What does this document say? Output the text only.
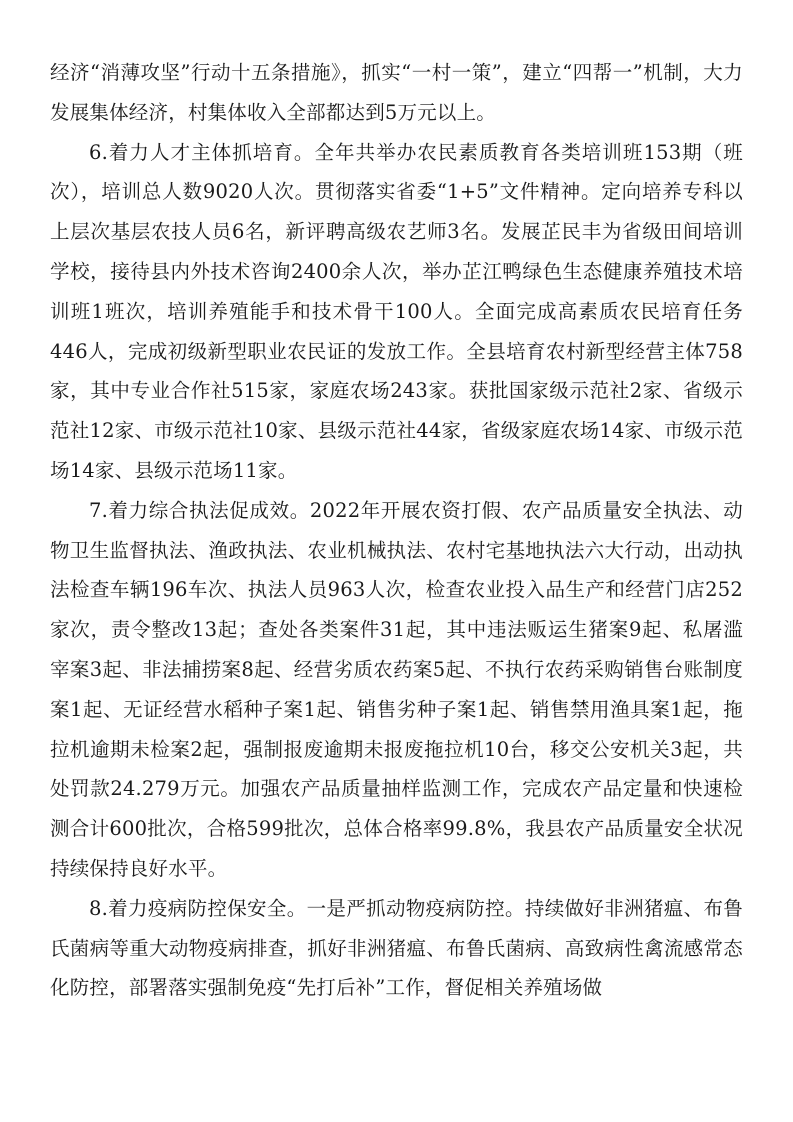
经济“消薄攻坚”行动十五条措施》，抓实“一村一策”，建立“四帮一”机制，大力发展集体经济，村集体收入全部都达到5万元以上。

6.着力人才主体抓培育。全年共举办农民素质教育各类培训班153期（班次），培训总人数9020人次。贯彻落实省委“1+5”文件精神。定向培养专科以上层次基层农技人员6名，新评聘高级农艺师3名。发展芷民丰为省级田间培训学校，接待县内外技术咨询2400余人次，举办芷江鸭绿色生态健康养殖技术培训班1班次，培训养殖能手和技术骨干100人。全面完成高素质农民培育任务446人，完成初级新型职业农民证的发放工作。全县培育农村新型经营主体758家，其中专业合作社515家，家庭农场243家。获批国家级示范社2家、省级示范社12家、市级示范社10家、县级示范社44家，省级家庭农场14家、市级示范场14家、县级示范场11家。

7.着力综合执法促成效。2022年开展农资打假、农产品质量安全执法、动物卫生监督执法、渔政执法、农业机械执法、农村宅基地执法六大行动，出动执法检查车辆196车次、执法人员963人次，检查农业投入品生产和经营门店252家次，责令整改13起；查处各类案件31起，其中违法贩运生猪案9起、私屠滥宰案3起、非法捕捞案8起、经营劣质农药案5起、不执行农药采购销售台账制度案1起、无证经营水稻种子案1起、销售劣种子案1起、销售禁用渔具案1起，拖拉机逾期未检案2起，强制报废逾期未报废拖拉机10台，移交公安机关3起，共处罚款24.279万元。加强农产品质量抽样监测工作，完成农产品定量和快速检测合计600批次，合格599批次，总体合格率99.8%，我县农产品质量安全状况持续保持良好水平。

8.着力疫病防控保安全。一是严抓动物疫病防控。持续做好非洲猪瘟、布鲁氏菌病等重大动物疫病排查，抓好非洲猪瘟、布鲁氏菌病、高致病性禽流感常态化防控，部署落实强制免疫“先打后补”工作，督促相关养殖场做
